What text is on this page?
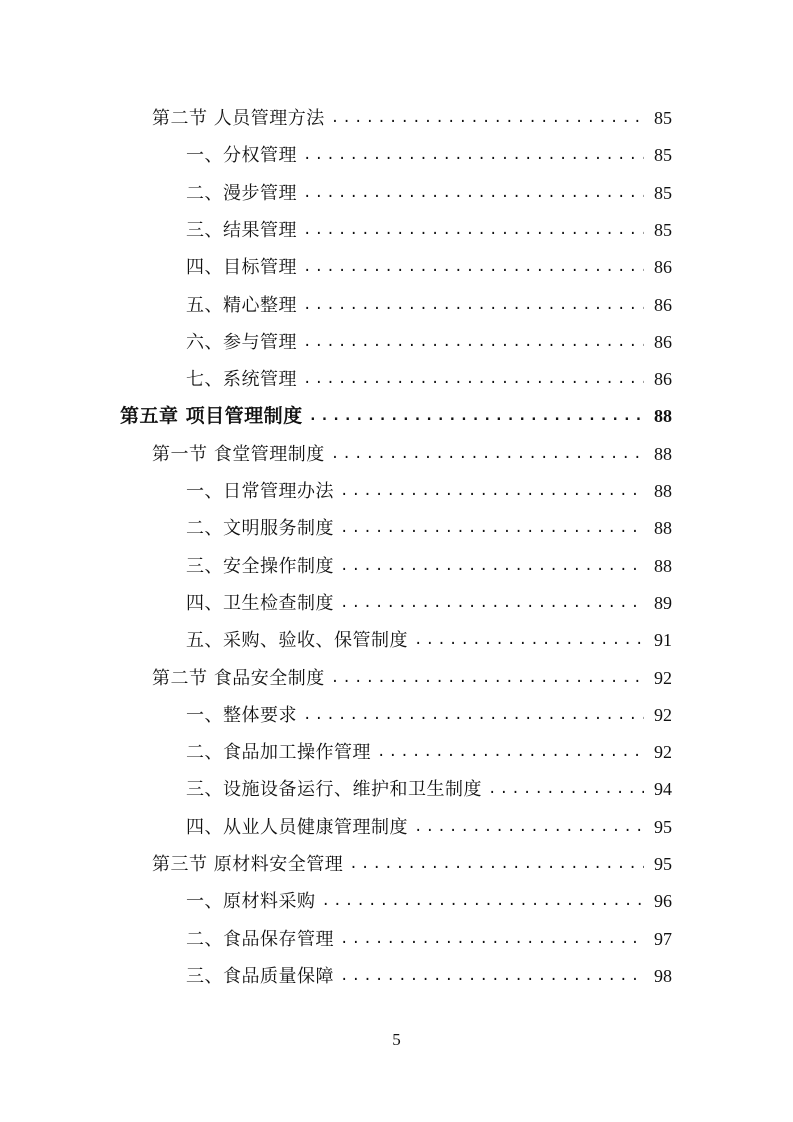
第二节 人员管理方法 .....	85
一、分权管理 .....	85
二、漫步管理 .....	85
三、结果管理 .....	85
四、目标管理 .....	86
五、精心整理 .....	86
六、参与管理 .....	86
七、系统管理 .....	86
第五章 项目管理制度 .....	88
第一节 食堂管理制度 .....	88
一、日常管理办法 .....	88
二、文明服务制度 .....	88
三、安全操作制度 .....	88
四、卫生检查制度 .....	89
五、采购、验收、保管制度 .....	91
第二节 食品安全制度 .....	92
一、整体要求 .....	92
二、食品加工操作管理 .....	92
三、设施设备运行、维护和卫生制度 .....	94
四、从业人员健康管理制度 .....	95
第三节 原材料安全管理 .....	95
一、原材料采购 .....	96
二、食品保存管理 .....	97
三、食品质量保障 .....	98
5
